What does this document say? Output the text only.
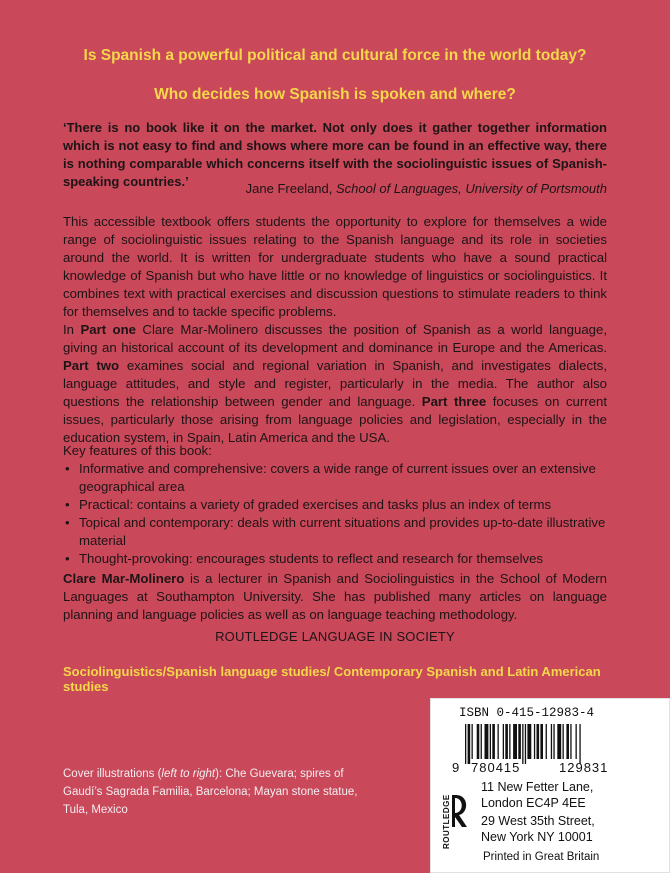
Is Spanish a powerful political and cultural force in the world today?
Who decides how Spanish is spoken and where?
‘There is no book like it on the market. Not only does it gather together information which is not easy to find and shows where more can be found in an effective way, there is nothing comparable which concerns itself with the sociolinguistic issues of Spanish-speaking countries.’	Jane Freeland, School of Languages, University of Portsmouth
This accessible textbook offers students the opportunity to explore for themselves a wide range of sociolinguistic issues relating to the Spanish language and its role in societies around the world. It is written for undergraduate students who have a sound practical knowledge of Spanish but who have little or no knowledge of linguistics or sociolinguistics. It combines text with practical exercises and discussion questions to stimulate readers to think for themselves and to tackle specific problems.
In Part one Clare Mar-Molinero discusses the position of Spanish as a world language, giving an historical account of its development and dominance in Europe and the Americas. Part two examines social and regional variation in Spanish, and investigates dialects, language attitudes, and style and register, particularly in the media. The author also questions the relationship between gender and language. Part three focuses on current issues, particularly those arising from language policies and legislation, especially in the education system, in Spain, Latin America and the USA.
Key features of this book:
• Informative and comprehensive: covers a wide range of current issues over an extensive geographical area
• Practical: contains a variety of graded exercises and tasks plus an index of terms
• Topical and contemporary: deals with current situations and provides up-to-date illustrative material
• Thought-provoking: encourages students to reflect and research for themselves
Clare Mar-Molinero is a lecturer in Spanish and Sociolinguistics in the School of Modern Languages at Southampton University. She has published many articles on language planning and language policies as well as on language teaching methodology.
ROUTLEDGE LANGUAGE IN SOCIETY
Sociolinguistics/Spanish language studies/ Contemporary Spanish and Latin American studies
Cover illustrations (left to right): Che Guevara; spires of Gaudí’s Sagrada Familia, Barcelona; Mayan stone statue, Tula, Mexico
ISBN 0-415-12983-4
9 780415	129831
ROUTLEDGE
11 New Fetter Lane,
London EC4P 4EE
29 West 35th Street,
New York NY 10001
Printed in Great Britain
